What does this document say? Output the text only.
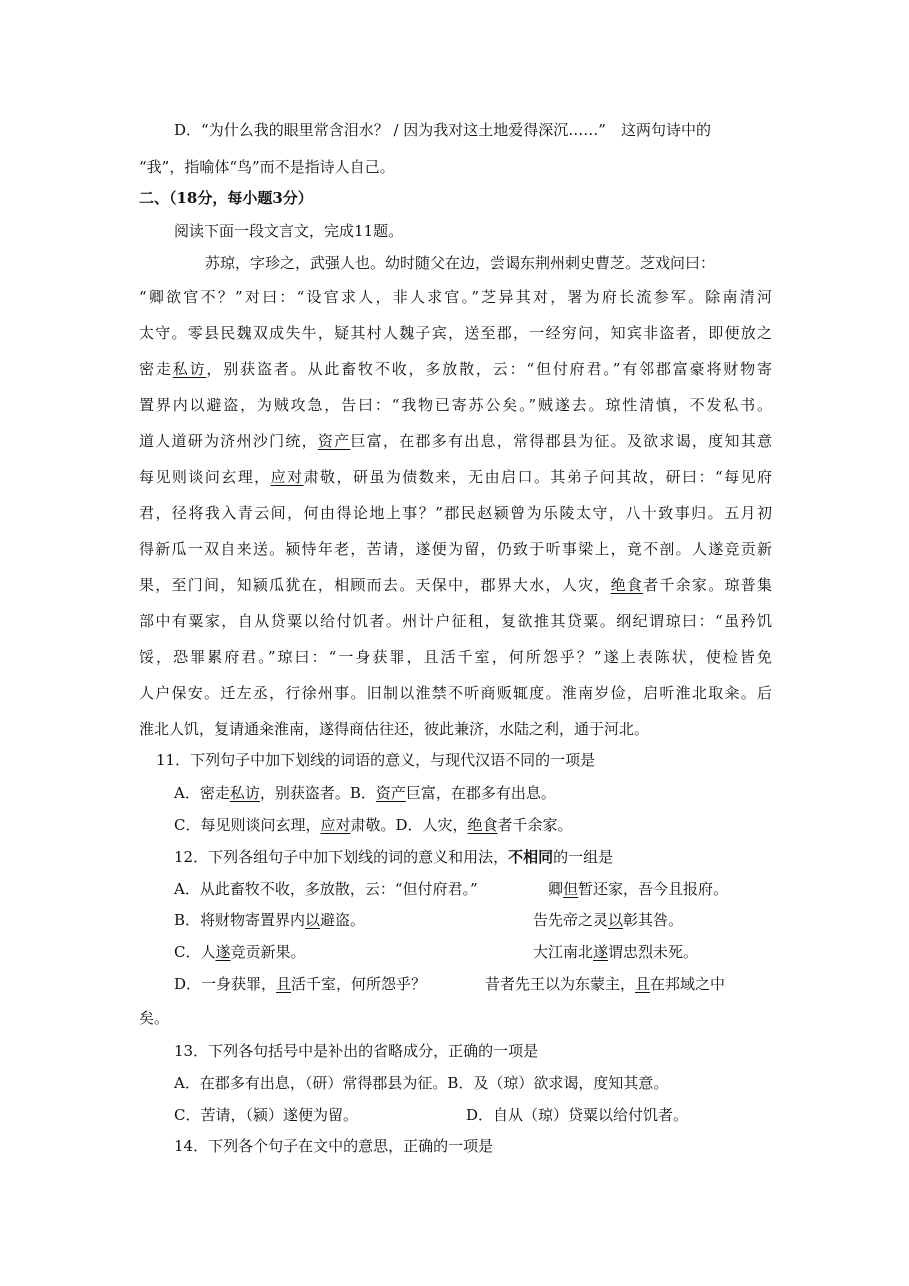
D．“为什么我的眼里常含泪水？ / 因为我对这土地爱得深沉……”　这两句诗中的
“我”，指喻体“鸟”而不是指诗人自己。
二、（18分，每小题3分）
阅读下面一段文言文，完成11题。
苏琼，字珍之，武强人也。幼时随父在边，尝谒东荆州刺史曹芝。芝戏问曰：
“卿欲官不？”对曰：“设官求人，非人求官。”芝异其对，署为府长流参军。除南清河
太守。零县民魏双成失牛，疑其村人魏子宾，送至郡，一经穷问，知宾非盗者，即便放之
密走私访，别获盗者。从此畜牧不收，多放散，云：“但付府君。”有邻郡富豪将财物寄
置界内以避盗，为贼攻急，告曰：“我物已寄苏公矣。”贼遂去。琼性清慎，不发私书。
道人道研为济州沙门统，资产巨富，在郡多有出息，常得郡县为征。及欲求谒，度知其意
每见则谈问玄理，应对肃敬，研虽为债数来，无由启口。其弟子问其故，研曰：“每见府
君，径将我入青云间，何由得论地上事？”郡民赵颍曾为乐陵太守，八十致事归。五月初
得新瓜一双自来送。颍恃年老，苦请，遂便为留，仍致于听事梁上，竟不剖。人遂竞贡新
果，至门间，知颍瓜犹在，相顾而去。天保中，郡界大水，人灾，绝食者千余家。琼普集
部中有粟家，自从贷粟以给付饥者。州计户征租，复欲推其贷粟。纲纪谓琼曰：“虽矜饥
馁，恐罪累府君。”琼曰：“一身获罪，且活千室，何所怨乎？”遂上表陈状，使检皆免
人户保安。迁左丞，行徐州事。旧制以淮禁不听商贩辄度。淮南岁俭，启听淮北取籴。后
淮北人饥，复请通籴淮南，遂得商估往还，彼此兼济，水陆之利，通于河北。
11．下列句子中加下划线的词语的意义，与现代汉语不同的一项是
A．密走私访，别获盗者。B．资产巨富，在郡多有出息。
C．每见则谈问玄理，应对肃敬。D．人灾，绝食者千余家。
12．下列各组句子中加下划线的词的意义和用法，不相同的一组是
A．从此畜牧不收，多放散，云：“但付府君。”	卿但暂还家，吾今且报府。
B．将财物寄置界内以避盗。	告先帝之灵以彰其咎。
C．人遂竞贡新果。	大江南北遂谓忠烈未死。
D．一身获罪，且活千室，何所怨乎？	昔者先王以为东蒙主，且在邦域之中
矣。
13．下列各句括号中是补出的省略成分，正确的一项是
A．在郡多有出息，（研）常得郡县为征。B．及（琼）欲求谒，度知其意。
C．苦请，（颍）遂便为留。	D．自从（琼）贷粟以给付饥者。
14．下列各个句子在文中的意思，正确的一项是
